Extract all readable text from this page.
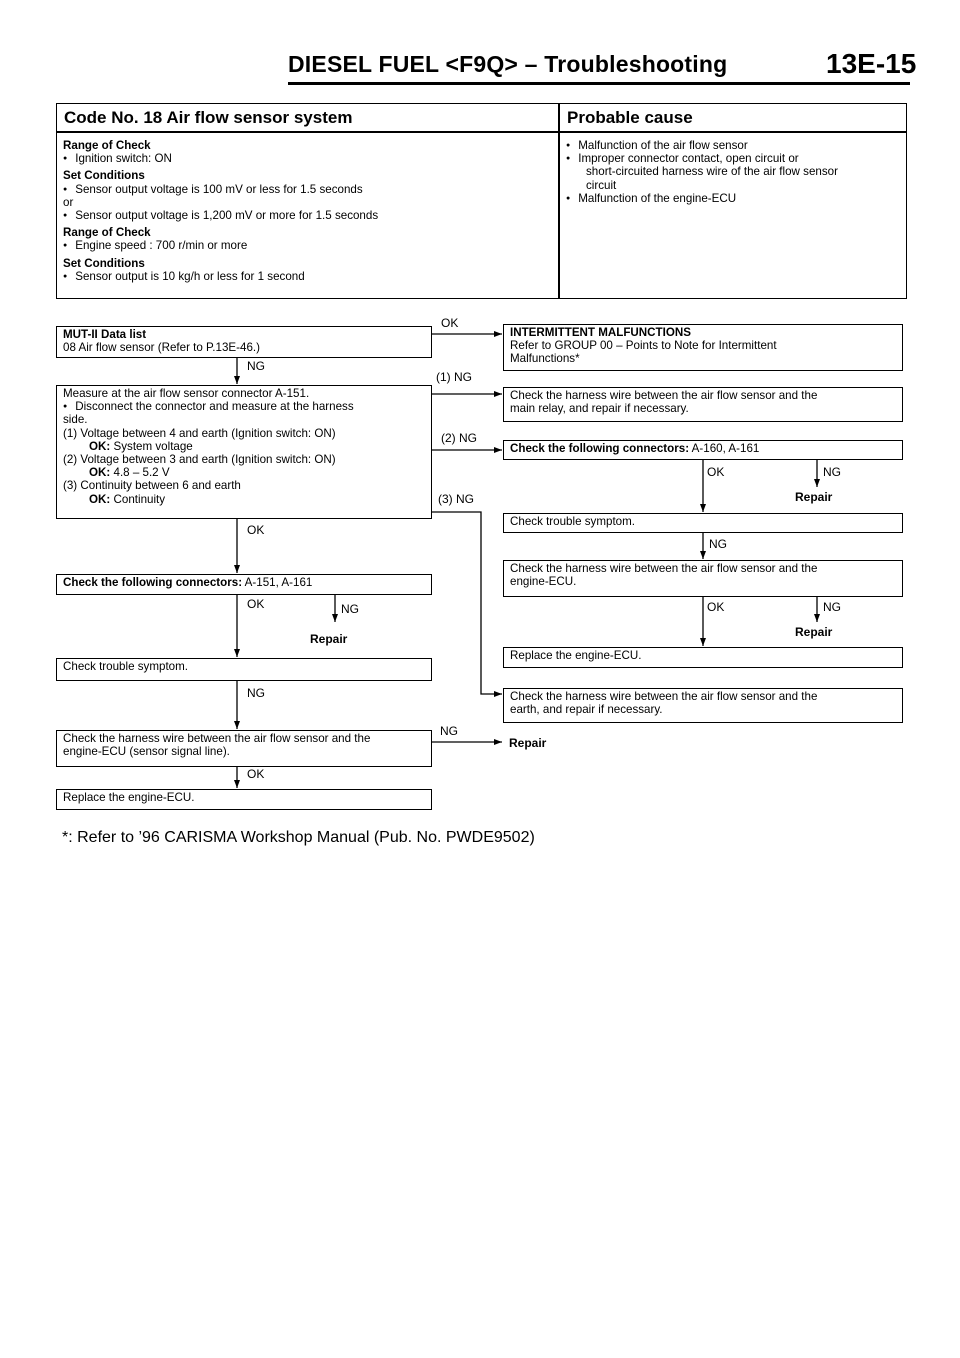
DIESEL FUEL <F9Q> – Troubleshooting	13E-15
Code No. 18 Air flow sensor system	Probable cause
Range of Check
● Ignition switch: ON
Set Conditions
● Sensor output voltage is 100 mV or less for 1.5 seconds
or
● Sensor output voltage is 1,200 mV or more for 1.5 seconds
Range of Check
● Engine speed : 700 r/min or more
Set Conditions
● Sensor output is 10 kg/h or less for 1 second
● Malfunction of the air flow sensor
● Improper connector contact, open circuit or
short-circuited harness wire of the air flow sensor
circuit
● Malfunction of the engine-ECU
MUT-II Data list
08 Air flow sensor (Refer to P.13E-46.)
Measure at the air flow sensor connector A-151.
● Disconnect the connector and measure at the harness
side.
(1) Voltage between 4 and earth (Ignition switch: ON)
OK: System voltage
(2) Voltage between 3 and earth (Ignition switch: ON)
OK: 4.8 – 5.2 V
(3) Continuity between 6 and earth
OK: Continuity
Check the following connectors: A-151, A-161
Check trouble symptom.
Check the harness wire between the air flow sensor and the
engine-ECU (sensor signal line).
Replace the engine-ECU.
INTERMITTENT MALFUNCTIONS
Refer to GROUP 00 – Points to Note for Intermittent
Malfunctions*
Check the harness wire between the air flow sensor and the
main relay, and repair if necessary.
Check the following connectors: A-160, A-161
Check trouble symptom.
Check the harness wire between the air flow sensor and the
engine-ECU.
Replace the engine-ECU.
Check the harness wire between the air flow sensor and the
earth, and repair if necessary.
OK
NG
(1) NG
(2) NG
(3) NG
OK
OK	NG
Repair
NG
NG
Repair
OK
OK	NG
Repair
NG
OK	NG
Repair
*: Refer to ’96 CARISMA Workshop Manual (Pub. No. PWDE9502)
